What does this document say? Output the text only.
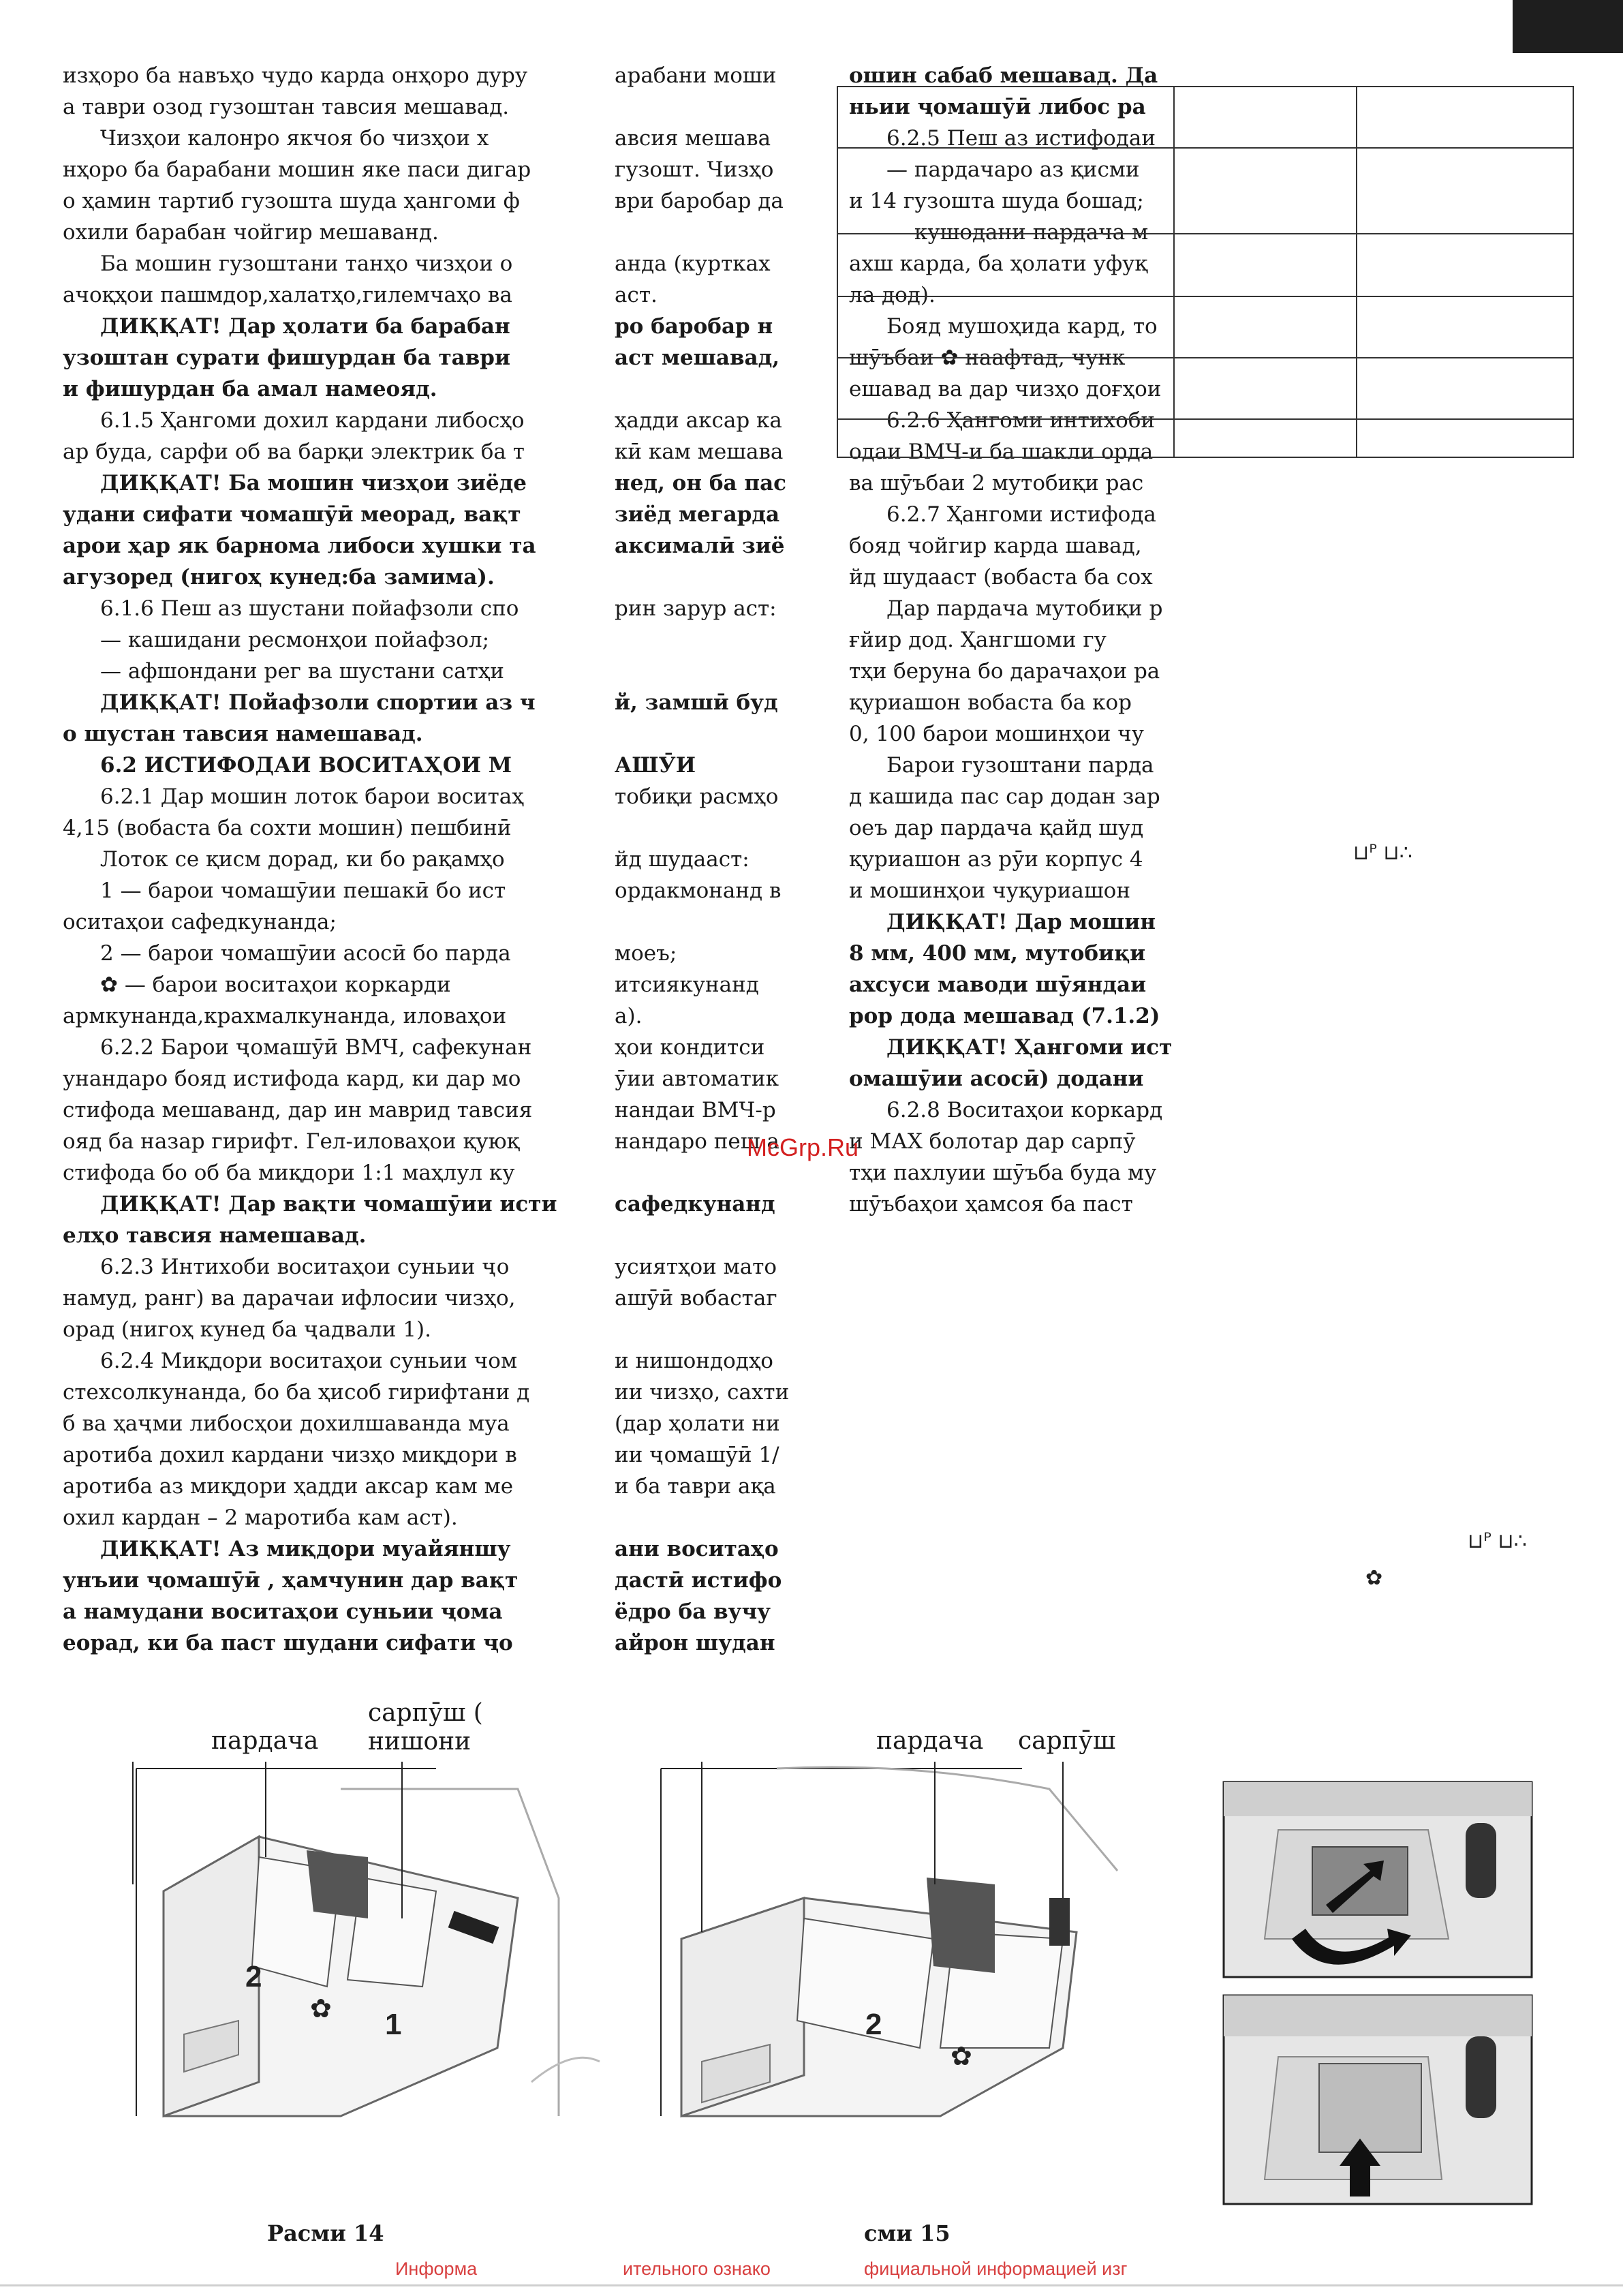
изҳоро ба навъҳо чудо карда онҳоро дуру
а таври озод гузоштан тавсия мешавад.
Чизҳои калонро якчоя бо чизҳои х
нҳоро ба барабани мошин яке паси дигар
о ҳамин тартиб гузошта шуда ҳангоми ф
охили барабан чойгир мешаванд.
Ба мошин гузоштани танҳо чизҳои о
ачоқҳои пашмдор,халатҳо,гилемчаҳо ва
ДИҚҚАТ! Дар ҳолати ба барабан
узоштан сурати фишурдан ба таври
и фишурдан ба амал намеояд.
6.1.5 Ҳангоми дохил кардани либосҳо
ар буда, сарфи об ва барқи электрик ба т
ДИҚҚАТ! Ба мошин чизҳои зиёде
удани сифати чомашӯӣ меорад, вақт
арои ҳар як барнома либоси хушки та
агузоред (нигоҳ кунед:ба замима).
6.1.6 Пеш аз шустани пойафзоли спо
— кашидани ресмонҳои пойафзол;
— афшондани рег ва шустани сатҳи
ДИҚҚАТ! Пойафзоли спортии аз ч
о шустан тавсия намешавад.
6.2 ИСТИФОДАИ ВОСИТАҲОИ М
6.2.1 Дар мошин лоток барои воситаҳ
4,15 (вобаста ба сохти мошин) пешбинӣ
Лоток се қисм дорад, ки бо рақамҳо
1 — барои чомашӯии пешакӣ бо ист
оситаҳои сафедкунанда;
2 — барои чомашӯии асосӣ бо парда
✿ — барои воситаҳои коркарди
армкунанда,крахмалкунанда, иловаҳои
6.2.2 Барои ҷомашӯӣ ВМЧ, сафекунан
унандаро бояд истифода кард, ки дар мо
стифода мешаванд, дар ин маврид тавсия
ояд ба назар гирифт. Гел-иловаҳои қуюқ
стифода бо об ба миқдори 1:1 маҳлул ку
ДИҚҚАТ! Дар вақти чомашӯии исти
елҳо тавсия намешавад.
6.2.3 Интихоби воситаҳои суньии ҷо
намуд, ранг) ва дарачаи ифлосии чизҳо,
орад (нигоҳ кунед ба ҷадвали 1).
6.2.4 Миқдори воситаҳои суньии чом
стехсолкунанда, бо ба ҳисоб гирифтани д
б ва ҳаҷми либосҳои дохилшаванда муа
аротиба дохил кардани чизҳо миқдори в
аротиба аз миқдори ҳадди аксар кам ме
охил кардан – 2 маротиба кам аст).
ДИҚҚАТ! Аз миқдори муайяншу
унъии ҷомашӯӣ , ҳамчунин дар вақт
а намудани воситаҳои суньии ҷома
еорад, ки ба паст шудани сифати ҷо
арабани моши
авсия мешава
гузошт. Чизҳо
ври баробар да
анда (куртках
аст.
ро баробар н
аст мешавад,
ҳадди аксар ка
кӣ кам мешава
нед, он ба пас
зиёд мегарда
аксималӣ зиё
рин зарур аст:
й, замшӣ буд
АШӮИ
тобиқи расмҳо
йд шудааст:
ордакмонанд в
моеъ;
итсиякунанд
а).
ҳои кондитси
ӯии автоматик
нандаи ВМЧ-р
нандаро пеш а
сафедкунанд
усиятҳои мато
ашӯӣ вобастаг
и нишондодҳо
ии чизҳо, сахти
(дар ҳолати ни
ии ҷомашӯӣ 1/
и ба таври ақа
ани воситаҳо
дастӣ истифо
ёдро ба вучу
айрон шудан
ошин сабаб мешавад. Да
ньии ҷомашӯӣ либос ра
6.2.5 Пеш аз истифодаи
— пардачаро аз қисми
и 14 гузошта шуда бошад;
— кушодани пардача м
ахш карда, ба ҳолати уфуқ
ла дод).
Бояд мушоҳида кард, то
шӯъбаи ✿ наафтад, чунк
ешавад ва дар чизҳо доғҳои
6.2.6 Ҳангоми интихоби
одаи ВМЧ-и ба шакли орда
ва шӯъбаи 2 мутобиқи рас
6.2.7 Ҳангоми истифода
бояд чойгир карда шавад,
йд шудааст (вобаста ба сох
Дар пардача мутобиқи р
ғйир дод. Ҳангшоми гу
тҳи беруна бо дарачаҳои ра
қуриашон вобаста ба кор
0, 100 барои мошинҳои чу
Барои гузоштани парда
д кашида пас сар додан зар
оеъ дар пардача қайд шуд
қуриашон аз рӯи корпус 4
и мошинҳои чуқуриашон
ДИҚҚАТ! Дар мошин
8 мм, 400 мм, мутобиқи
ахсуси маводи шӯяндаи
рор дода мешавад (7.1.2)
ДИҚҚАТ! Ҳангоми ист
омашӯии асосӣ) додани
6.2.8 Воситаҳои коркард
и МАХ болотар дар сарпӯ
тҳи пахлуии шӯъба буда му
шӯъбаҳои ҳамсоя ба паст

⊔ᴾ ⊔∴
⊔ᴾ ⊔∴
✿
McGrp.Ru
пардача
сарпӯш (
нишони
2
✿ 1
Расми 14
пардача сарпӯш
2
✿
сми 15
Информа	ительного ознако	фициальной информацией изг
